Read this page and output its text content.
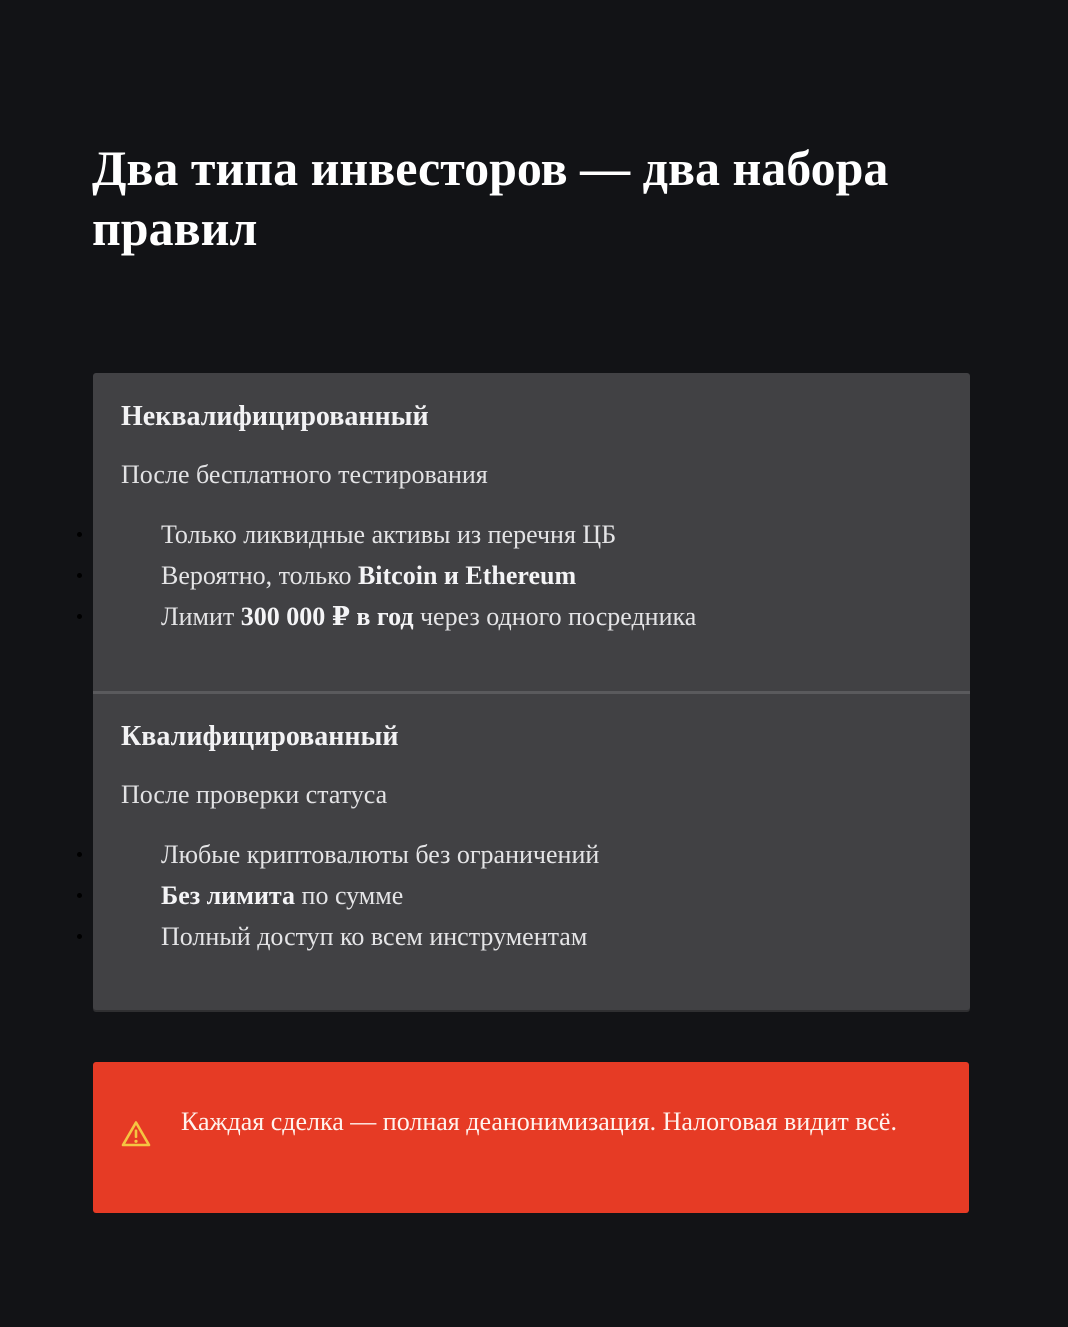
Два типа инвесторов — два набора правил
Неквалифицированный
После бесплатного тестирования
Только ликвидные активы из перечня ЦБ
Вероятно, только Bitcoin и Ethereum
Лимит 300 000 ₽ в год через одного посредника
Квалифицированный
После проверки статуса
Любые криптовалюты без ограничений
Без лимита по сумме
Полный доступ ко всем инструментам

Каждая сделка — полная деанонимизация. Налоговая видит всё.
